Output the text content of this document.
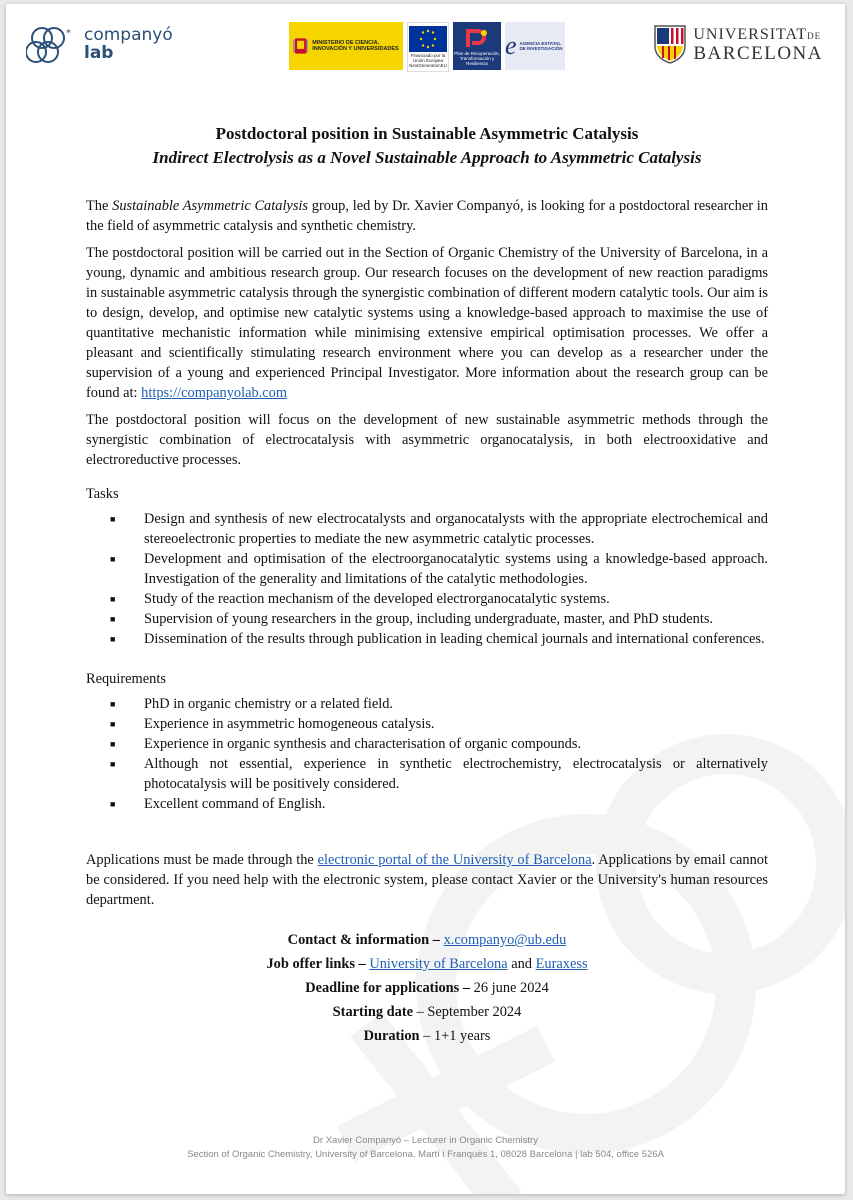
* companyó
lab	MINISTERIO DE CIENCIA, INNOVACIÓN Y UNIVERSIDADES
Financiado por la Unión Europea NextGenerationEU
Plan de Recuperación, Transformación y Resiliencia
e AGENCIA ESTATAL DE INVESTIGACIÓN
UNIVERSITATDE
BARCELONA
Postdoctoral position in Sustainable Asymmetric Catalysis
Indirect Electrolysis as a Novel Sustainable Approach to Asymmetric Catalysis

The Sustainable Asymmetric Catalysis group, led by Dr. Xavier Companyó, is looking for a postdoctoral researcher in the field of asymmetric catalysis and synthetic chemistry.

The postdoctoral position will be carried out in the Section of Organic Chemistry of the University of Barcelona, in a young, dynamic and ambitious research group. Our research focuses on the development of new reaction paradigms in sustainable asymmetric catalysis through the synergistic combination of different modern catalytic tools. Our aim is to design, develop, and optimise new catalytic systems using a knowledge-based approach to maximise the use of quantitative mechanistic information while minimising extensive empirical optimisation processes. We offer a pleasant and scientifically stimulating research environment where you can develop as a researcher under the supervision of a young and experienced Principal Investigator. More information about the research group can be found at: https://companyolab.com

The postdoctoral position will focus on the development of new sustainable asymmetric methods through the synergistic combination of electrocatalysis with asymmetric organocatalysis, in both electrooxidative and electroreductive processes.

Tasks
■ Design and synthesis of new electrocatalysts and organocatalysts with the appropriate electrochemical and stereoelectronic properties to mediate the new asymmetric catalytic processes.
■ Development and optimisation of the electroorganocatalytic systems using a knowledge-based approach. Investigation of the generality and limitations of the catalytic methodologies.
■ Study of the reaction mechanism of the developed electrorganocatalytic systems.
■ Supervision of young researchers in the group, including undergraduate, master, and PhD students.
■ Dissemination of the results through publication in leading chemical journals and international conferences.
Requirements
■ PhD in organic chemistry or a related field.
■ Experience in asymmetric homogeneous catalysis.
■ Experience in organic synthesis and characterisation of organic compounds.
■ Although not essential, experience in synthetic electrochemistry, electrocatalysis or alternatively photocatalysis will be positively considered.
■ Excellent command of English.

Applications must be made through the electronic portal of the University of Barcelona. Applications by email cannot be considered. If you need help with the electronic system, please contact Xavier or the University's human resources department.

Contact & information – x.companyo@ub.edu
Job offer links – University of Barcelona and Euraxess
Deadline for applications – 26 june 2024
Starting date – September 2024
Duration – 1+1 years
Dr Xavier Companyó – Lecturer in Organic Chemistry
Section of Organic Chemistry, University of Barcelona. Martí i Franquès 1, 08028 Barcelona | lab 504, office 526A
